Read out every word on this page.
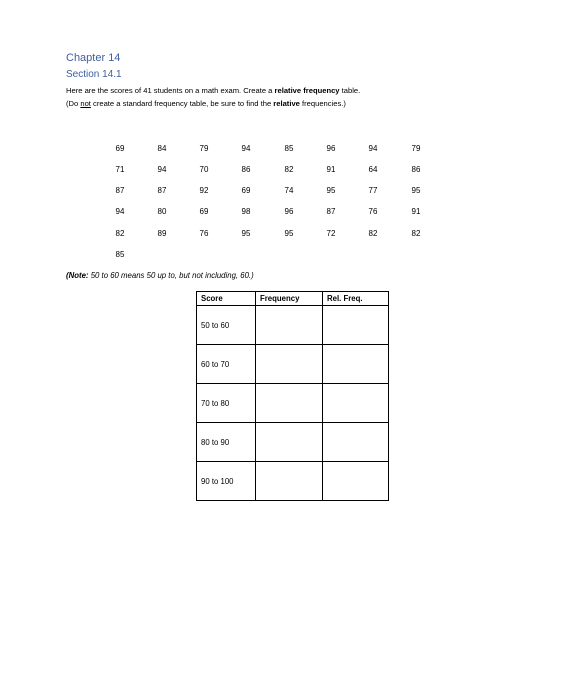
Chapter 14
Section 14.1
Here are the scores of 41 students on a math exam. Create a relative frequency table.
(Do not create a standard frequency table, be sure to find the relative frequencies.)
69	84	79	94	85	96	94	79
71	94	70	86	82	91	64	86
87	87	92	69	74	95	77	95
94	80	69	98	96	87	76	91
82	89	76	95	95	72	82	82
85
(Note: 50 to 60 means 50 up to, but not including, 60.)
Score	Frequency	Rel. Freq.
50 to 60		
60 to 70		
70 to 80		
80 to 90		
90 to 100		
